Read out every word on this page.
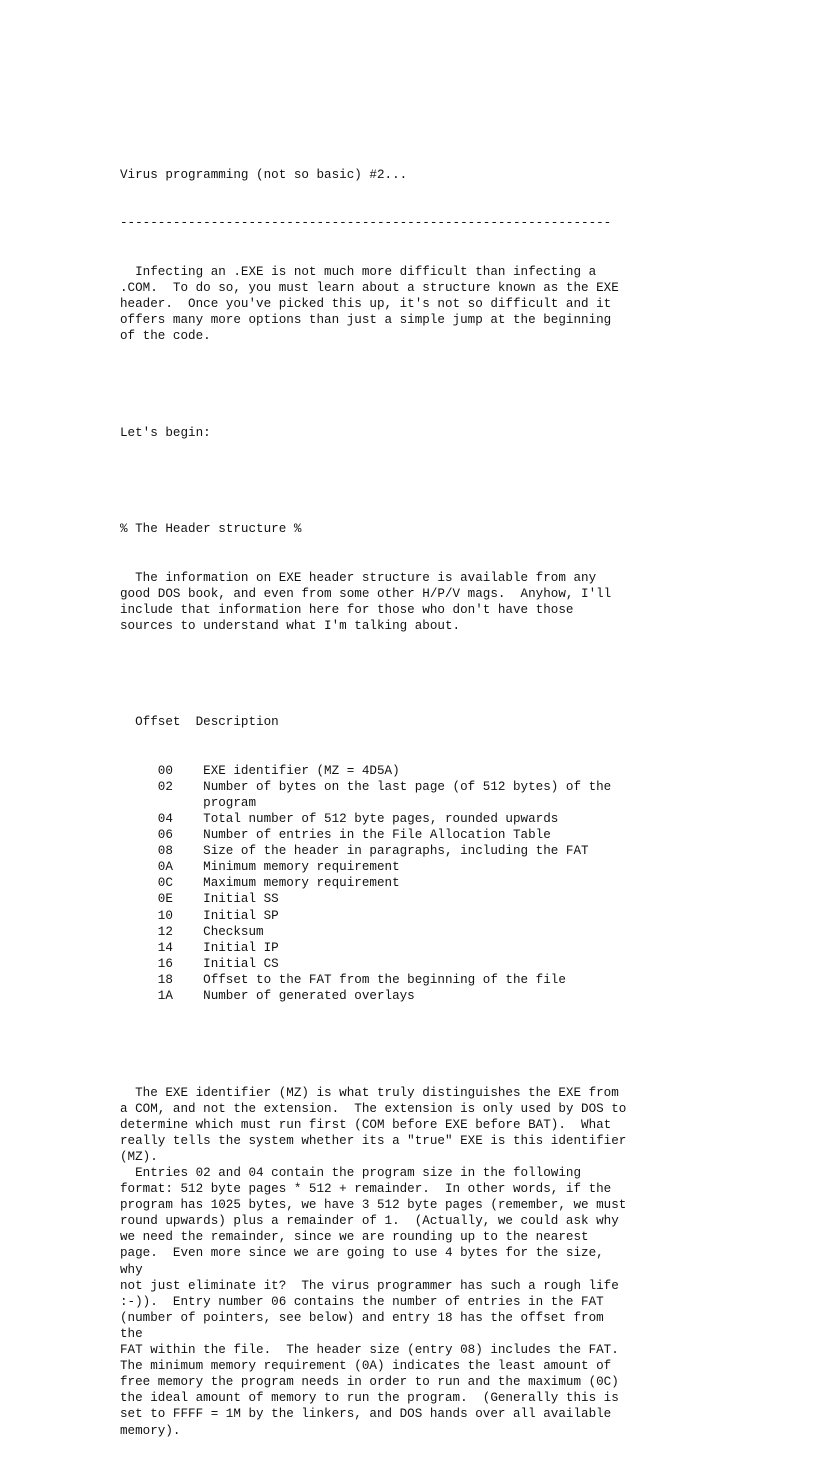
Virus programming (not so basic) #2...

-----------------------------------------------------------------

Infecting an .EXE is not much more difficult than infecting a
.COM.  To do so, you must learn about a structure known as the EXE
header.  Once you've picked this up, it's not so difficult and it
offers many more options than just a simple jump at the beginning
of the code.

Let's begin:

% The Header structure %

The information on EXE header structure is available from any
good DOS book, and even from some other H/P/V mags.  Anyhow, I'll
include that information here for those who don't have those
sources to understand what I'm talking about.

Offset  Description

00    EXE identifier (MZ = 4D5A)
02    Number of bytes on the last page (of 512 bytes) of the
program
04    Total number of 512 byte pages, rounded upwards
06    Number of entries in the File Allocation Table
08    Size of the header in paragraphs, including the FAT
0A    Minimum memory requirement
0C    Maximum memory requirement
0E    Initial SS
10    Initial SP
12    Checksum
14    Initial IP
16    Initial CS
18    Offset to the FAT from the beginning of the file
1A    Number of generated overlays

The EXE identifier (MZ) is what truly distinguishes the EXE from
a COM, and not the extension.  The extension is only used by DOS to
determine which must run first (COM before EXE before BAT).  What
really tells the system whether its a "true" EXE is this identifier
(MZ).
Entries 02 and 04 contain the program size in the following
format: 512 byte pages * 512 + remainder.  In other words, if the
program has 1025 bytes, we have 3 512 byte pages (remember, we must
round upwards) plus a remainder of 1.  (Actually, we could ask why
we need the remainder, since we are rounding up to the nearest
page.  Even more since we are going to use 4 bytes for the size,
why
not just eliminate it?  The virus programmer has such a rough life
:-)).  Entry number 06 contains the number of entries in the FAT
(number of pointers, see below) and entry 18 has the offset from
the
FAT within the file.  The header size (entry 08) includes the FAT.
The minimum memory requirement (0A) indicates the least amount of
free memory the program needs in order to run and the maximum (0C)
the ideal amount of memory to run the program.  (Generally this is
set to FFFF = 1M by the linkers, and DOS hands over all available
memory).
